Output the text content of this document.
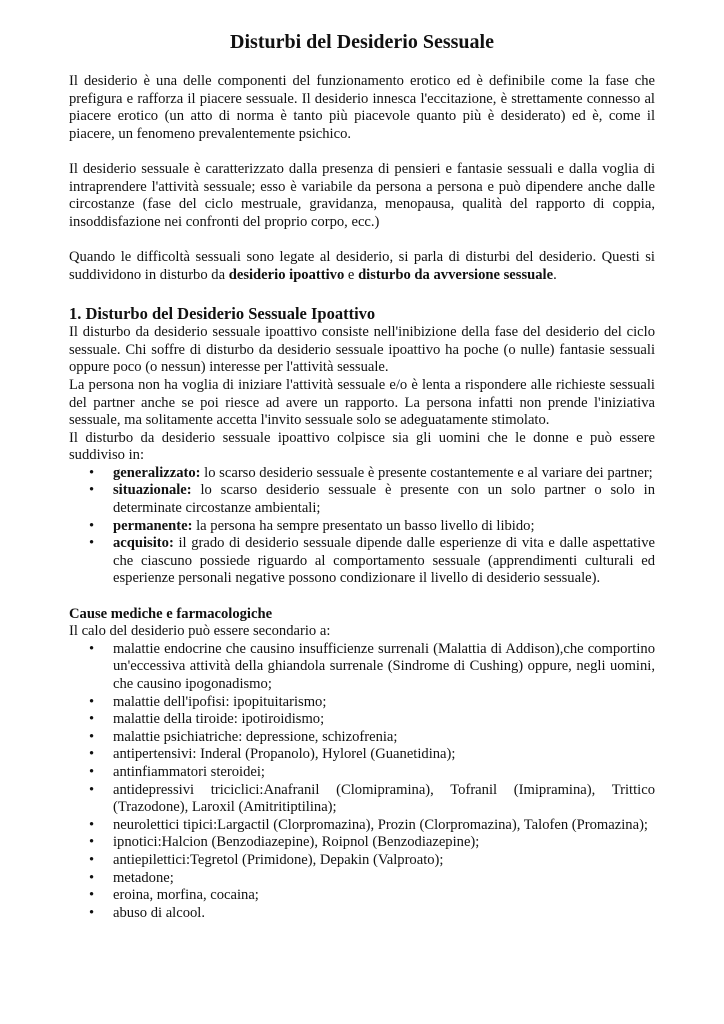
Disturbi del Desiderio Sessuale

Il desiderio è una delle componenti del funzionamento erotico ed è definibile come la fase che prefigura e rafforza il piacere sessuale. Il desiderio innesca l'eccitazione, è strettamente connesso al piacere erotico (un atto di norma è tanto più piacevole quanto più è desiderato) ed è, come il piacere, un fenomeno prevalentemente psichico.

Il desiderio sessuale è caratterizzato dalla presenza di pensieri e fantasie sessuali e dalla voglia di intraprendere l'attività sessuale; esso è variabile da persona a persona e può dipendere anche dalle circostanze (fase del ciclo mestruale, gravidanza, menopausa, qualità del rapporto di coppia, insoddisfazione nei confronti del proprio corpo, ecc.)

Quando le difficoltà sessuali sono legate al desiderio, si parla di disturbi del desiderio. Questi si suddividono in disturbo da desiderio ipoattivo e disturbo da avversione sessuale.

1. Disturbo del Desiderio Sessuale Ipoattivo

Il disturbo da desiderio sessuale ipoattivo consiste nell'inibizione della fase del desiderio del ciclo sessuale. Chi soffre di disturbo da desiderio sessuale ipoattivo ha poche (o nulle) fantasie sessuali oppure poco (o nessun) interesse per l'attività sessuale.

La persona non ha voglia di iniziare l'attività sessuale e/o è lenta a rispondere alle richieste sessuali del partner anche se poi riesce ad avere un rapporto. La persona infatti non prende l'iniziativa sessuale, ma solitamente accetta l'invito sessuale solo se adeguatamente stimolato.

Il disturbo da desiderio sessuale ipoattivo colpisce sia gli uomini che le donne e può essere suddiviso in:

• generalizzato: lo scarso desiderio sessuale è presente costantemente e al variare dei partner;
• situazionale: lo scarso desiderio sessuale è presente con un solo partner o solo in determinate circostanze ambientali;
• permanente: la persona ha sempre presentato un basso livello di libido;
• acquisito: il grado di desiderio sessuale dipende dalle esperienze di vita e dalle aspettative che ciascuno possiede riguardo al comportamento sessuale (apprendimenti culturali ed esperienze personali negative possono condizionare il livello di desiderio sessuale).
Cause mediche e farmacologiche

Il calo del desiderio può essere secondario a:

• malattie endocrine che causino insufficienze surrenali (Malattia di Addison),che comportino un'eccessiva attività della ghiandola surrenale (Sindrome di Cushing) oppure, negli uomini, che causino ipogonadismo;
• malattie dell'ipofisi: ipopituitarismo;
• malattie della tiroide: ipotiroidismo;
• malattie psichiatriche: depressione, schizofrenia;
• antipertensivi: Inderal (Propanolo), Hylorel (Guanetidina);
• antinfiammatori steroidei;
• antidepressivi triciclici:Anafranil (Clomipramina), Tofranil (Imipramina), Trittico (Trazodone), Laroxil (Amitritiptilina);
• neurolettici tipici:Largactil (Clorpromazina), Prozin (Clorpromazina), Talofen (Promazina);
• ipnotici:Halcion (Benzodiazepine), Roipnol (Benzodiazepine);
• antiepilettici:Tegretol (Primidone), Depakin (Valproato);
• metadone;
• eroina, morfina, cocaina;
• abuso di alcool.
